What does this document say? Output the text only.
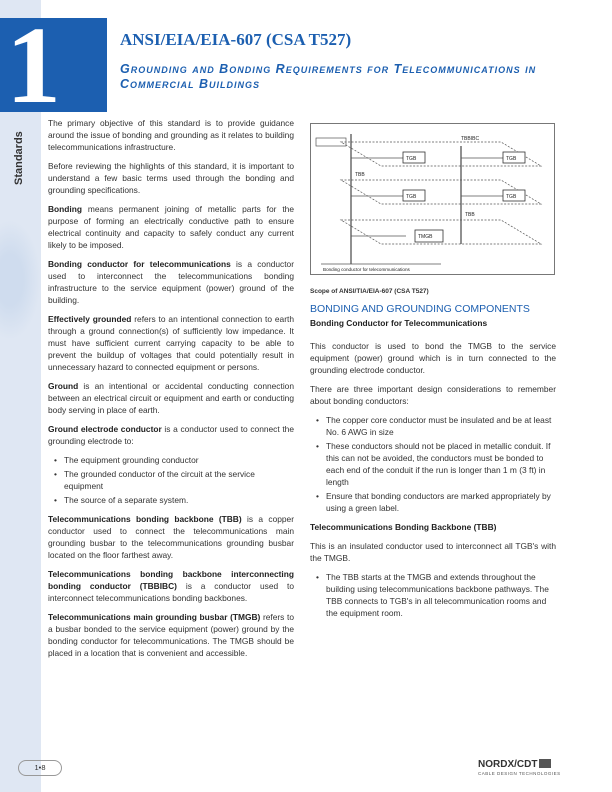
1	ANSI/EIA/EIA-607 (CSA T527)
Grounding and Bonding Requirements for Telecommunications in Commercial Buildings
Standards

The primary objective of this standard is to provide guidance around the issue of bonding and grounding as it relates to building telecommunications infrastructure.

Before reviewing the highlights of this standard, it is important to understand a few basic terms used through the bonding and grounding specifications.

Bonding means permanent joining of metallic parts for the purpose of forming an electrically conductive path to ensure electrical continuity and capacity to safely conduct any current likely to be imposed.

Bonding conductor for telecommunications is a conductor used to interconnect the telecommunications bonding infrastructure to the service equipment (power) ground of the building.

Effectively grounded refers to an intentional connection to earth through a ground connection(s) of sufficiently low impedance. It must have sufficient current carrying capacity to be able to prevent the buildup of voltages that could potentially result in unnecessary hazard to connected equipment or persons.

Ground is an intentional or accidental conducting connection between an electrical circuit or equipment and earth or conducting body serving in place of earth.

Ground electrode conductor is a conductor used to connect the grounding electrode to:

• The equipment grounding conductor
• The grounded conductor of the circuit at the service equipment
• The source of a separate system.

Telecommunications bonding backbone (TBB) is a copper conductor used to connect the telecommunications main grounding busbar to the telecommunications grounding busbar located on the floor farthest away.

Telecommunications bonding backbone interconnecting bonding conductor (TBBIBC) is a conductor used to interconnect telecommunications bonding backbones.

Telecommunications main grounding busbar (TMGB) refers to a busbar bonded to the service equipment (power) ground by the bonding conductor for telecommunications. The TMGB should be placed in a location that is convenient and accessible.

TBBIBC
TGB	TGB
TGB	TGB
TBB
TBB
TMGB
Bonding conductor for telecommunications
Scope of ANSI/TIA/EIA-607 (CSA T527)
BONDING AND GROUNDING COMPONENTS
Bonding Conductor for Telecommunications

This conductor is used to bond the TMGB to the service equipment (power) ground which is in turn connected to the grounding electrode conductor.

There are three important design considerations to remember about bonding conductors:

• The copper core conductor must be insulated and be at least No. 6 AWG in size
• These conductors should not be placed in metallic conduit. If this can not be avoided, the conductors must be bonded to each end of the conduit if the run is longer than 1 m (3 ft) in length
• Ensure that bonding conductors are marked appropriately by using a green label.

Telecommunications Bonding Backbone (TBB)

This is an insulated conductor used to interconnect all TGB's with the TMGB.

• The TBB starts at the TMGB and extends throughout the building using telecommunications backbone pathways. The TBB connects to TGB's in all telecommunication rooms and the equipment room.
1•8	NORDX/CDT
CABLE DESIGN TECHNOLOGIES
